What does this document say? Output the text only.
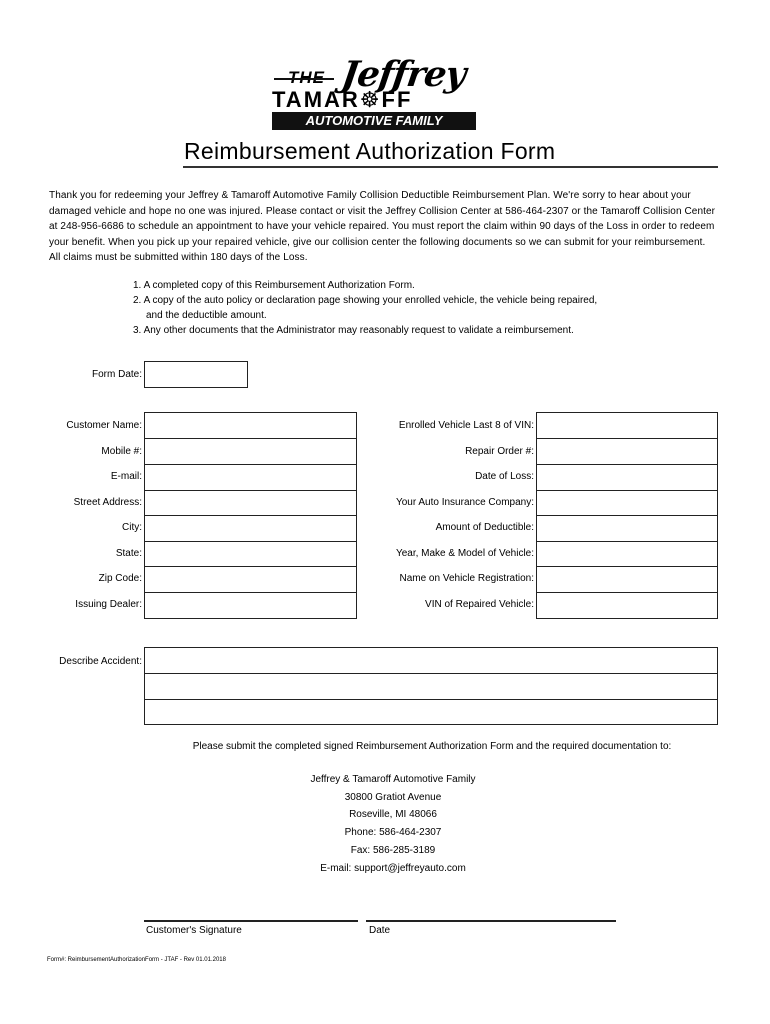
Jeffrey
TAMAR☸FF
AUTOMOTIVE FAMILY
Reimbursement Authorization Form

Thank you for redeeming your Jeffrey & Tamaroff Automotive Family Collision Deductible Reimbursement Plan. We're sorry to hear about your damaged vehicle and hope no one was injured. Please contact or visit the Jeffrey Collision Center at 586-464-2307 or the Tamaroff Collision Center at 248-956-6686 to schedule an appointment to have your vehicle repaired. You must report the claim within 90 days of the Loss in order to redeem your benefit. When you pick up your repaired vehicle, give our collision center the following documents so we can submit for your reimbursement. All claims must be submitted within 180 days of the Loss.

1. A completed copy of this Reimbursement Authorization Form.
2. A copy of the auto policy or declaration page showing your enrolled vehicle, the vehicle being repaired,
and the deductible amount.
3. Any other documents that the Administrator may reasonably request to validate a reimbursement.
Form Date:
Customer Name:
Mobile #:
E-mail:
Street Address:
City:
State:
Zip Code:
Issuing Dealer:
Enrolled Vehicle Last 8 of VIN:
Repair Order #:
Date of Loss:
Your Auto Insurance Company:
Amount of Deductible:
Year, Make & Model of Vehicle:
Name on Vehicle Registration:
VIN of Repaired Vehicle:
Describe Accident:
Please submit the completed signed Reimbursement Authorization Form and the required documentation to:
Jeffrey & Tamaroff Automotive Family
30800 Gratiot Avenue
Roseville, MI 48066
Phone: 586-464-2307
Fax: 586-285-3189
E-mail: support@jeffreyauto.com
Customer's Signature	Date
Form#: ReimbursementAuthorizationForm - JTAF - Rev 01.01.2018
